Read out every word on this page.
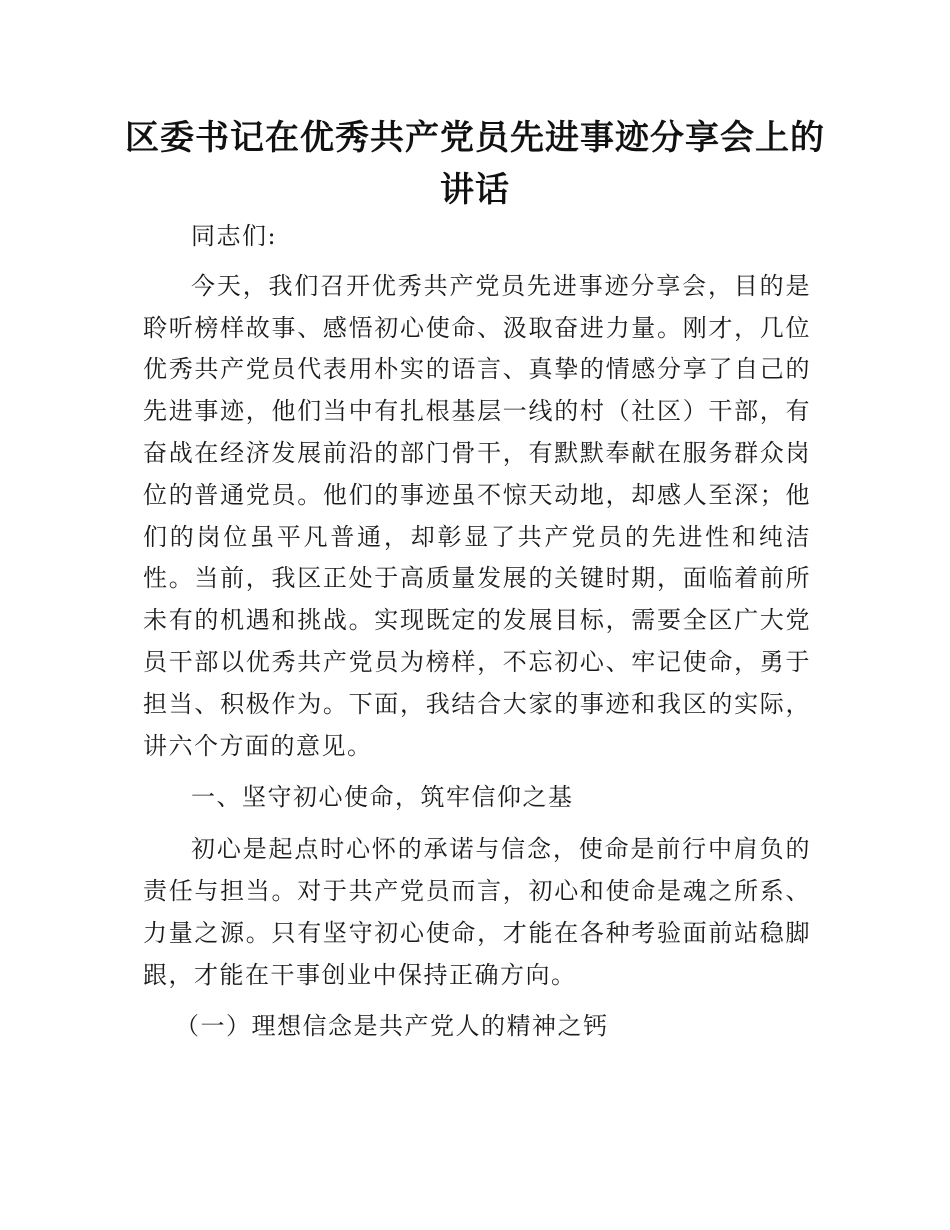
区委书记在优秀共产党员先进事迹分享会上的讲话

同志们:

今天，我们召开优秀共产党员先进事迹分享会，目的是聆听榜样故事、感悟初心使命、汲取奋进力量。刚才，几位优秀共产党员代表用朴实的语言、真挚的情感分享了自己的先进事迹，他们当中有扎根基层一线的村（社区）干部，有奋战在经济发展前沿的部门骨干，有默默奉献在服务群众岗位的普通党员。他们的事迹虽不惊天动地，却感人至深；他们的岗位虽平凡普通，却彰显了共产党员的先进性和纯洁性。当前，我区正处于高质量发展的关键时期，面临着前所未有的机遇和挑战。实现既定的发展目标，需要全区广大党员干部以优秀共产党员为榜样，不忘初心、牢记使命，勇于担当、积极作为。下面，我结合大家的事迹和我区的实际，讲六个方面的意见。

一、坚守初心使命，筑牢信仰之基

初心是起点时心怀的承诺与信念，使命是前行中肩负的责任与担当。对于共产党员而言，初心和使命是魂之所系、力量之源。只有坚守初心使命，才能在各种考验面前站稳脚跟，才能在干事创业中保持正确方向。

（一）理想信念是共产党人的精神之钙
